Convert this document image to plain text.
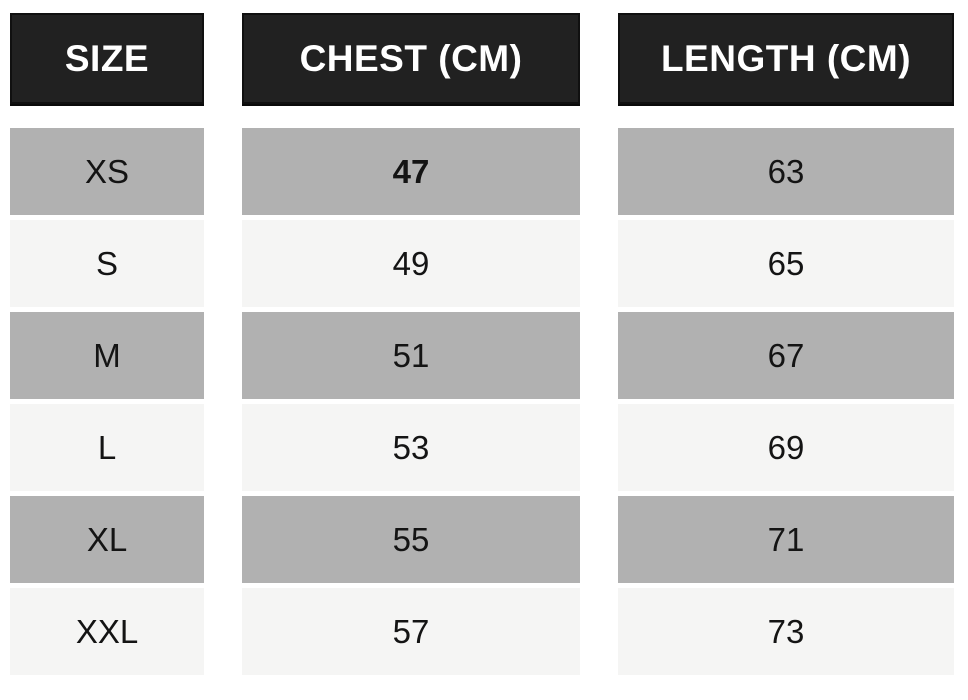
SIZE	CHEST (CM)	LENGTH (CM)
XS	47	63
S	49	65
M	51	67
L	53	69
XL	55	71
XXL	57	73
